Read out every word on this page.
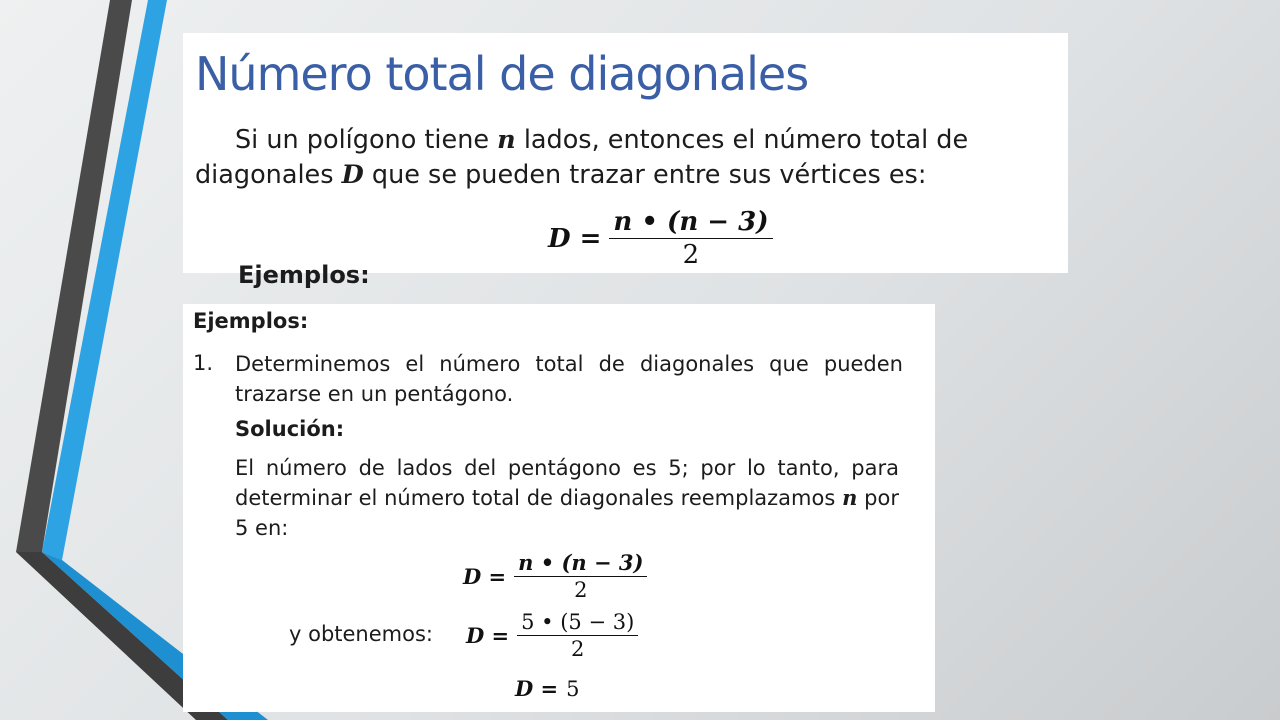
Número total de diagonales

Si un polígono tiene n lados, entonces el número total de diagonales D que se pueden trazar entre sus vértices es:

$D = \frac{n • (n - 3)}{2}$

Ejemplos:

Ejemplos:

1. Determinemos el número total de diagonales que pueden trazarse en un pentágono.

Solución:

El número de lados del pentágono es 5; por lo tanto, para determinar el número total de diagonales reemplazamos n por 5 en:

$D = \frac{n • (n - 3)}{2}$

y obtenemos: $D = \frac{5 • (5 - 3)}{2}$
D = 5
